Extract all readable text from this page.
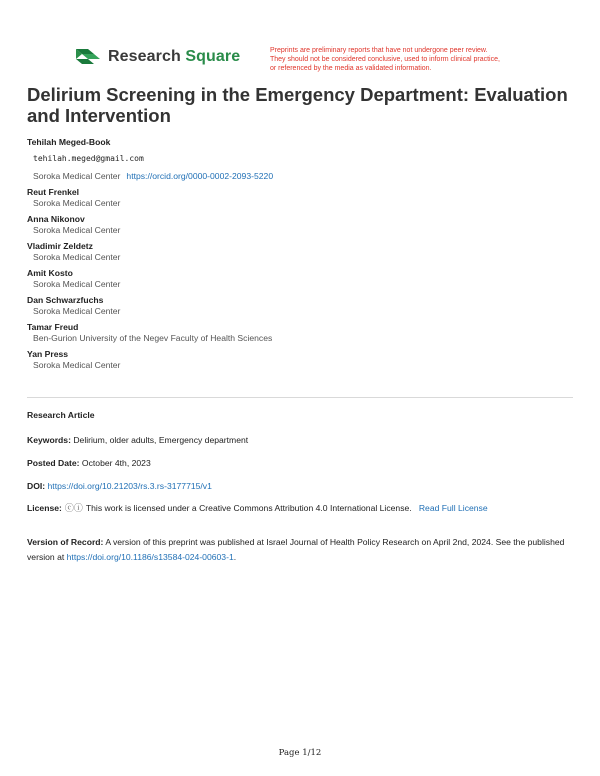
Research Square	Preprints are preliminary reports that have not undergone peer review.
They should not be considered conclusive, used to inform clinical practice,
or referenced by the media as validated information.
Delirium Screening in the Emergency Department: Evaluation and Intervention
Tehilah Meged-Book
tehilah.meged@gmail.com
Soroka Medical Center https://orcid.org/0000-0002-2093-5220
Reut Frenkel
Soroka Medical Center
Anna Nikonov
Soroka Medical Center
Vladimir Zeldetz
Soroka Medical Center
Amit Kosto
Soroka Medical Center
Dan Schwarzfuchs
Soroka Medical Center
Tamar Freud
Ben-Gurion University of the Negev Faculty of Health Sciences
Yan Press
Soroka Medical Center
Research Article
Keywords: Delirium, older adults, Emergency department
Posted Date: October 4th, 2023
DOI: https://doi.org/10.21203/rs.3.rs-3177715/v1
License: ⓒⓘ This work is licensed under a Creative Commons Attribution 4.0 International License. Read Full License
Version of Record: A version of this preprint was published at Israel Journal of Health Policy Research on April 2nd, 2024. See the published version at https://doi.org/10.1186/s13584-024-00603-1.
Page 1/12
